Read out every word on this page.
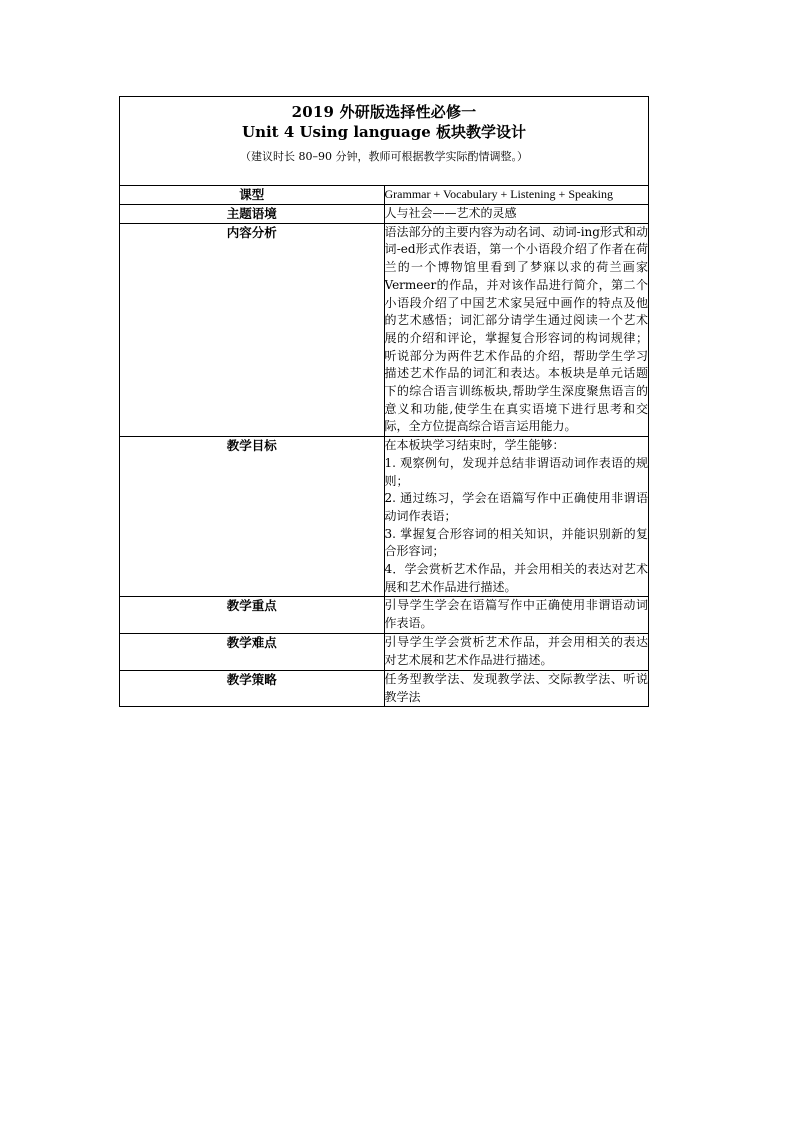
2019 外研版选择性必修一
Unit 4 Using language 板块教学设计
（建议时长 80–90 分钟，教师可根据教学实际酌情调整。）	

课型	Grammar + Vocabulary + Listening + Speaking
主题语境	人与社会——艺术的灵感
内容分析	语法部分的主要内容为动名词、动词-ing形式和动词-ed形式作表语，第一个小语段介绍了作者在荷兰的一个博物馆里看到了梦寐以求的荷兰画家Vermeer的作品，并对该作品进行简介，第二个小语段介绍了中国艺术家吴冠中画作的特点及他的艺术感悟；词汇部分请学生通过阅读一个艺术展的介绍和评论，掌握复合形容词的构词规律；听说部分为两件艺术作品的介绍，帮助学生学习描述艺术作品的词汇和表达。本板块是单元话题下的综合语言训练板块,帮助学生深度聚焦语言的意义和功能,使学生在真实语境下进行思考和交际，全方位提高综合语言运用能力。
教学目标	在本板块学习结束时，学生能够：
1. 观察例句，发现并总结非谓语动词作表语的规则；
2. 通过练习，学会在语篇写作中正确使用非谓语动词作表语；
3. 掌握复合形容词的相关知识，并能识别新的复合形容词；
4．学会赏析艺术作品，并会用相关的表达对艺术展和艺术作品进行描述。

教学重点	引导学生学会在语篇写作中正确使用非谓语动词作表语。
教学难点	引导学生学会赏析艺术作品，并会用相关的表达对艺术展和艺术作品进行描述。
教学策略	任务型教学法、发现教学法、交际教学法、听说教学法
